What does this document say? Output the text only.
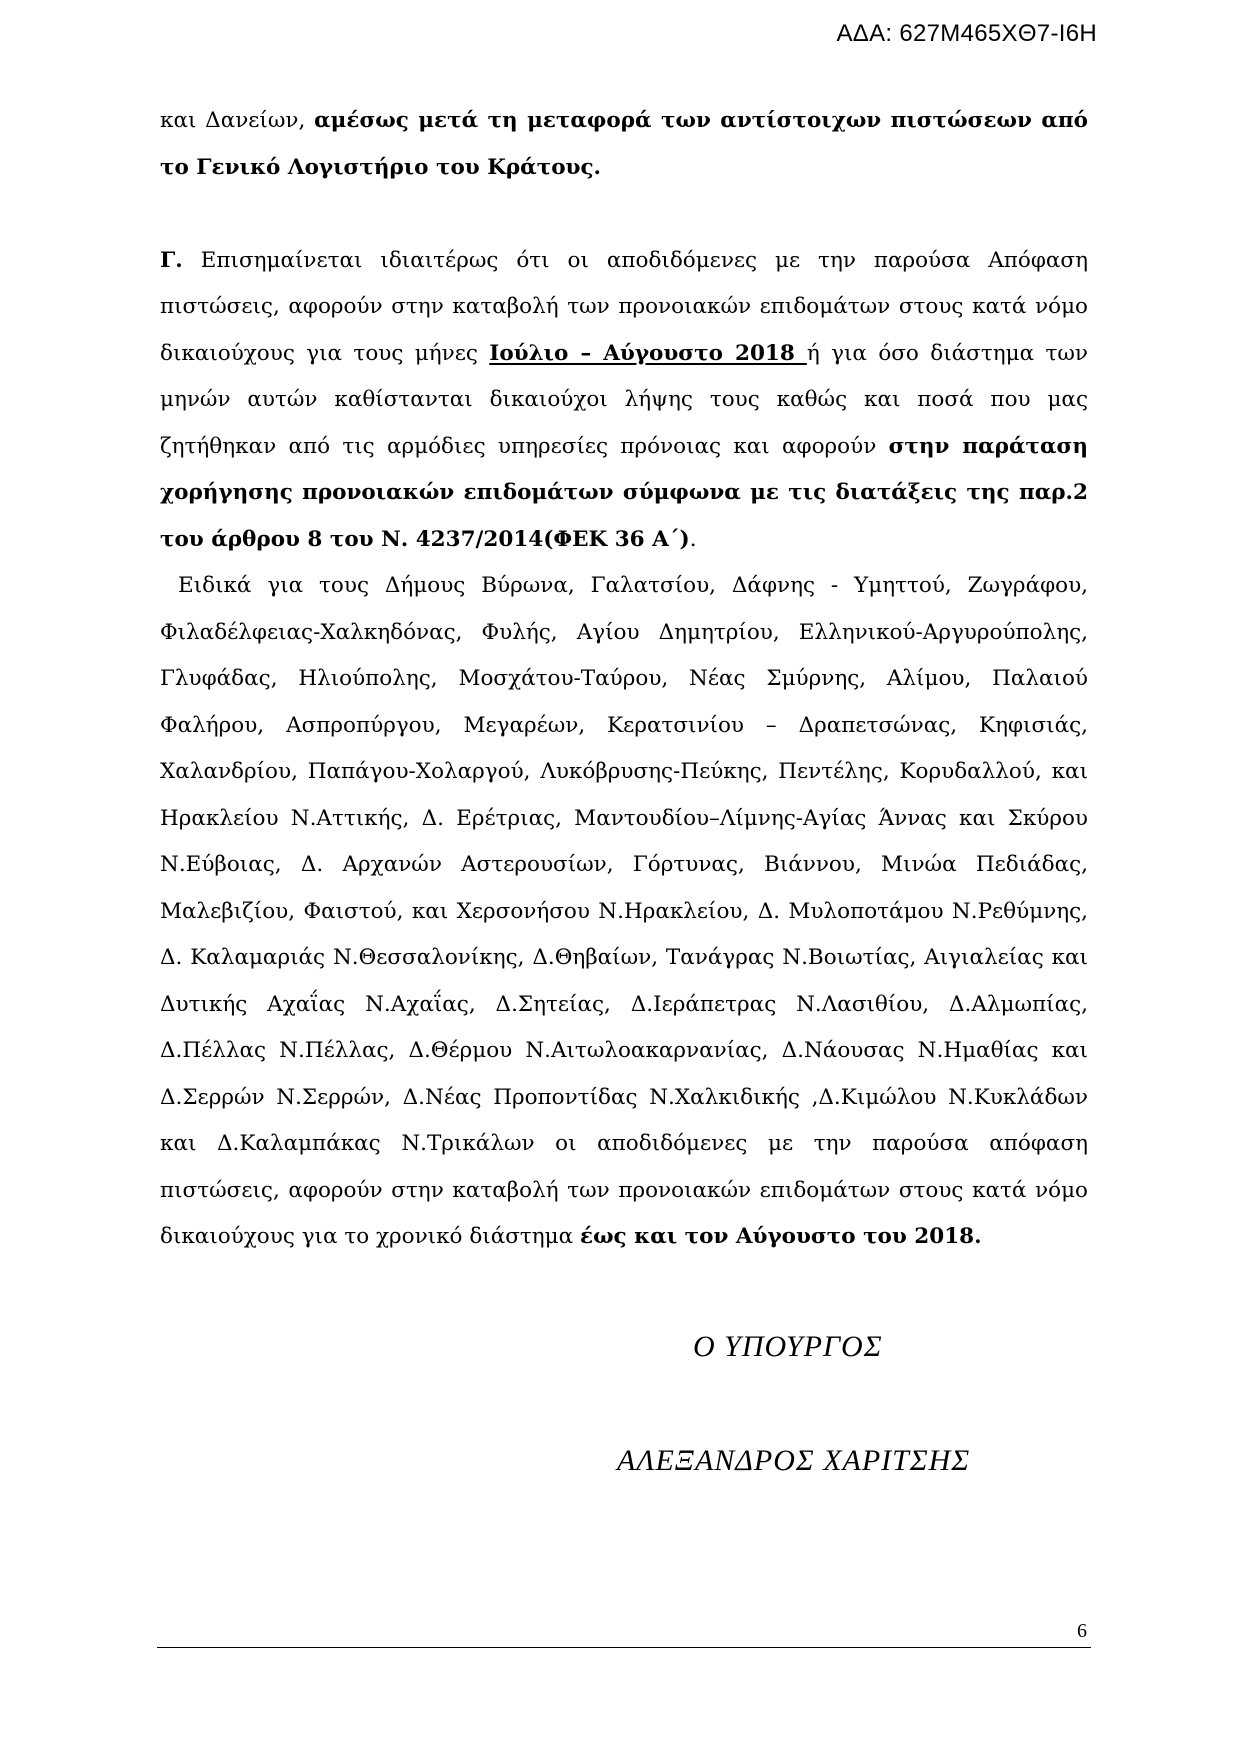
ΑΔΑ: 627Μ465ΧΘ7-Ι6Η

και Δανείων, αμέσως μετά τη μεταφορά των αντίστοιχων πιστώσεων από το Γενικό Λογιστήριο του Κράτους.

Γ. Επισημαίνεται ιδιαιτέρως ότι οι αποδιδόμενες με την παρούσα Απόφαση πιστώσεις, αφορούν στην καταβολή των προνοιακών επιδομάτων στους κατά νόμο δικαιούχους για τους μήνες Ιούλιο – Αύγουστο 2018 ή για όσο διάστημα των μηνών αυτών καθίστανται δικαιούχοι λήψης τους καθώς και ποσά που μας ζητήθηκαν από τις αρμόδιες υπηρεσίες πρόνοιας και αφορούν στην παράταση χορήγησης προνοιακών επιδομάτων σύμφωνα με τις διατάξεις της παρ.2 του άρθρου 8 του Ν. 4237/2014(ΦΕΚ 36 Α΄).

Ειδικά για τους Δήμους Βύρωνα, Γαλατσίου, Δάφνης - Υμηττού, Ζωγράφου, Φιλαδέλφειας-Χαλκηδόνας, Φυλής, Αγίου Δημητρίου, Ελληνικού-Αργυρούπολης, Γλυφάδας, Ηλιούπολης, Μοσχάτου-Ταύρου, Νέας Σμύρνης, Αλίμου, Παλαιού Φαλήρου, Ασπροπύργου, Μεγαρέων, Κερατσινίου – Δραπετσώνας, Κηφισιάς, Χαλανδρίου, Παπάγου-Χολαργού, Λυκόβρυσης-Πεύκης, Πεντέλης, Κορυδαλλού, και Ηρακλείου Ν.Αττικής, Δ. Ερέτριας, Μαντουδίου–Λίμνης-Αγίας Άννας και Σκύρου Ν.Εύβοιας, Δ. Αρχανών Αστερουσίων, Γόρτυνας, Βιάννου, Μινώα Πεδιάδας, Μαλεβιζίου, Φαιστού, και Χερσονήσου Ν.Ηρακλείου, Δ. Μυλοποτάμου Ν.Ρεθύμνης, Δ. Καλαμαριάς Ν.Θεσσαλονίκης, Δ.Θηβαίων, Τανάγρας Ν.Βοιωτίας, Αιγιαλείας και Δυτικής Αχαΐας Ν.Αχαΐας, Δ.Σητείας, Δ.Ιεράπετρας Ν.Λασιθίου, Δ.Αλμωπίας, Δ.Πέλλας Ν.Πέλλας, Δ.Θέρμου Ν.Αιτωλοακαρνανίας, Δ.Νάουσας Ν.Ημαθίας και Δ.Σερρών Ν.Σερρών, Δ.Νέας Προποντίδας Ν.Χαλκιδικής ,Δ.Κιμώλου Ν.Κυκλάδων και Δ.Καλαμπάκας Ν.Τρικάλων οι αποδιδόμενες με την παρούσα απόφαση πιστώσεις, αφορούν στην καταβολή των προνοιακών επιδομάτων στους κατά νόμο δικαιούχους για το χρονικό διάστημα έως και τον Αύγουστο του 2018.

Ο ΥΠΟΥΡΓΟΣ
ΑΛΕΞΑΝΔΡΟΣ ΧΑΡΙΤΣΗΣ
6
